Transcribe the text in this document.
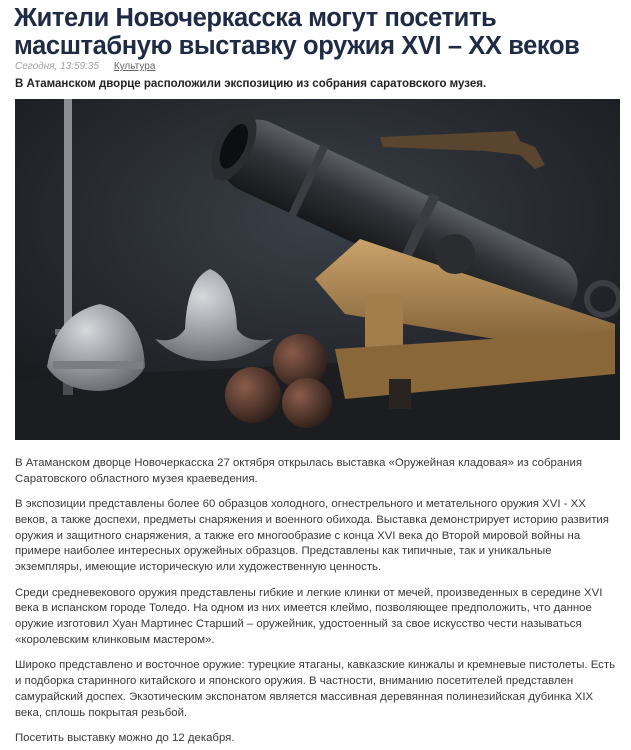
Жители Новочеркасска могут посетить масштабную выставку оружия XVI – XX веков
Сегодня, 13:59:35 Культура
В Атаманском дворце расположили экспозицию из собрания саратовского музея.

В Атаманском дворце Новочеркасска 27 октября открылась выставка «Оружейная кладовая» из собрания Саратовского областного музея краеведения.

В экспозиции представлены более 60 образцов холодного, огнестрельного и метательного оружия XVI - XX веков, а также доспехи, предметы снаряжения и военного обихода. Выставка демонстрирует историю развития оружия и защитного снаряжения, а также его многообразие с конца XVI века до Второй мировой войны на примере наиболее интересных оружейных образцов. Представлены как типичные, так и уникальные экземпляры, имеющие историческую или художественную ценность.

Среди средневекового оружия представлены гибкие и легкие клинки от мечей, произведенных в середине XVI века в испанском городе Толедо. На одном из них имеется клеймо, позволяющее предположить, что данное оружие изготовил Хуан Мартинес Старший – оружейник, удостоенный за свое искусство чести называться «королевским клинковым мастером».

Широко представлено и восточное оружие: турецкие ятаганы, кавказские кинжалы и кремневые пистолеты. Есть и подборка старинного китайского и японского оружия. В частности, вниманию посетителей представлен самурайский доспех. Экзотическим экспонатом является массивная деревянная полинезийская дубинка XIX века, сплошь покрытая резьбой.

Посетить выставку можно до 12 декабря.
